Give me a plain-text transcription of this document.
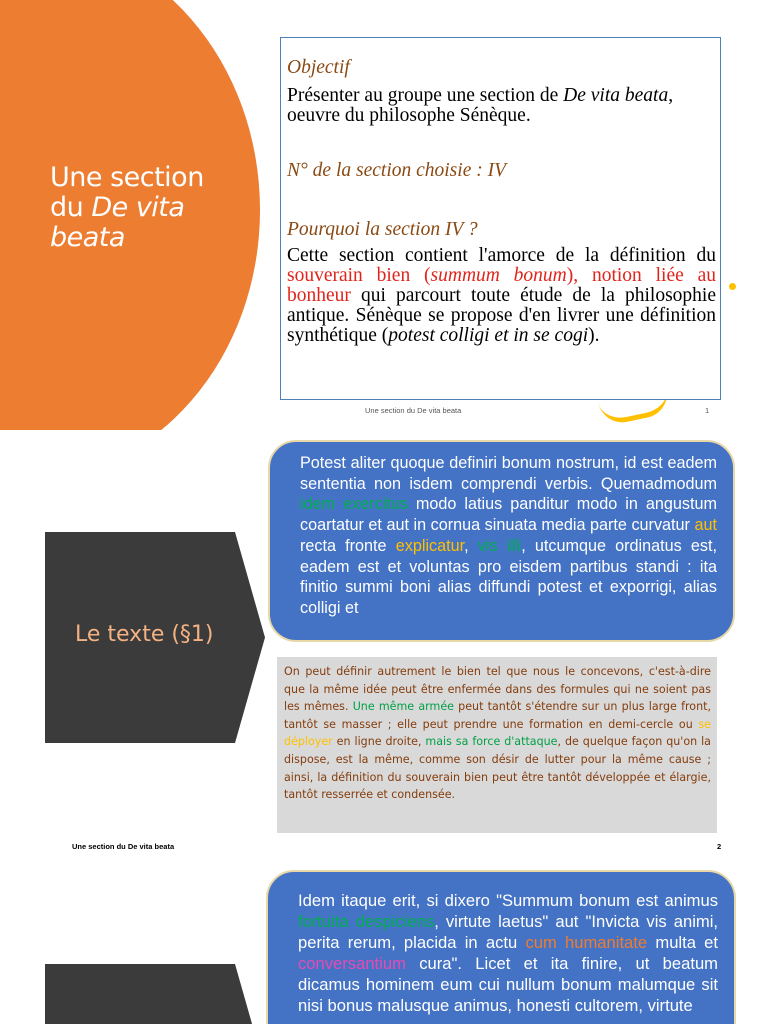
Une section
du De vita
beata
Objectif
Présenter au groupe une section de De vita beata, oeuvre du philosophe Sénèque.
N° de la section choisie : IV
Pourquoi la section IV ?
Cette section contient l'amorce de la définition du souverain bien (summum bonum), notion liée au bonheur qui parcourt toute étude de la philosophie antique. Sénèque se propose d'en livrer une définition synthétique (potest colligi et in se cogi).
Une section du De vita beata	1
Le texte (§1)
Potest aliter quoque definiri bonum nostrum, id est eadem sententia non isdem comprendi verbis. Quemadmodum idem exercitus modo latius panditur modo in angustum coartatur et aut in cornua sinuata media parte curvatur aut recta fronte explicatur, vis illi, utcumque ordinatus est, eadem est et voluntas pro eisdem partibus standi : ita finitio summi boni alias diffundi potest et exporrigi, alias colligi et
On peut définir autrement le bien tel que nous le concevons, c'est-à-dire que la même idée peut être enfermée dans des formules qui ne soient pas les mêmes. Une même armée peut tantôt s'étendre sur un plus large front, tantôt se masser ; elle peut prendre une formation en demi-cercle ou se déployer en ligne droite, mais sa force d'attaque, de quelque façon qu'on la dispose, est la même, comme son désir de lutter pour la même cause ; ainsi, la définition du souverain bien peut être tantôt développée et élargie, tantôt resserrée et condensée.
Une section du De vita beata	2
Idem itaque erit, si dixero "Summum bonum est animus fortuita despiciens, virtute laetus" aut "Invicta vis animi, perita rerum, placida in actu cum humanitate multa et conversantium cura". Licet et ita finire, ut beatum dicamus hominem eum cui nullum bonum malumque sit nisi bonus malusque animus, honesti cultorem, virtute
